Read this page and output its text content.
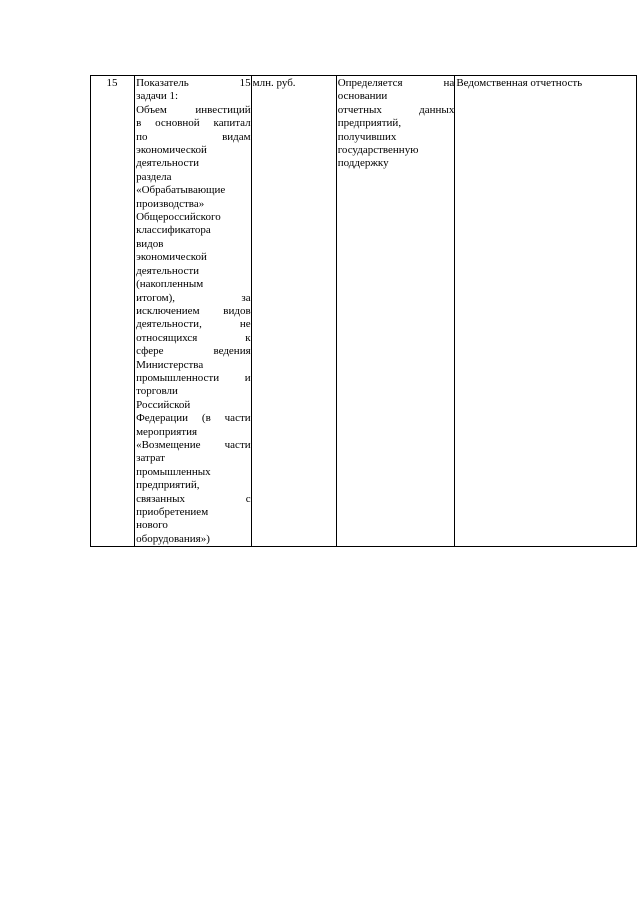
15	Показатель 15
задачи 1:
Объем инвестиций
в основной капитал
по видам
экономической
деятельности
раздела
«Обрабатывающие
производства»
Общероссийского
классификатора
видов
экономической
деятельности
(накопленным
итогом), за
исключением видов
деятельности, не
относящихся к
сфере ведения
Министерства
промышленности и
торговли
Российской
Федерации (в части
мероприятия
«Возмещение части
затрат
промышленных
предприятий,
связанных с
приобретением
нового
оборудования»)

млн. руб.	Определяется на
основании
отчетных данных
предприятий,
получивших
государственную
поддержку

Ведомственная отчетность
